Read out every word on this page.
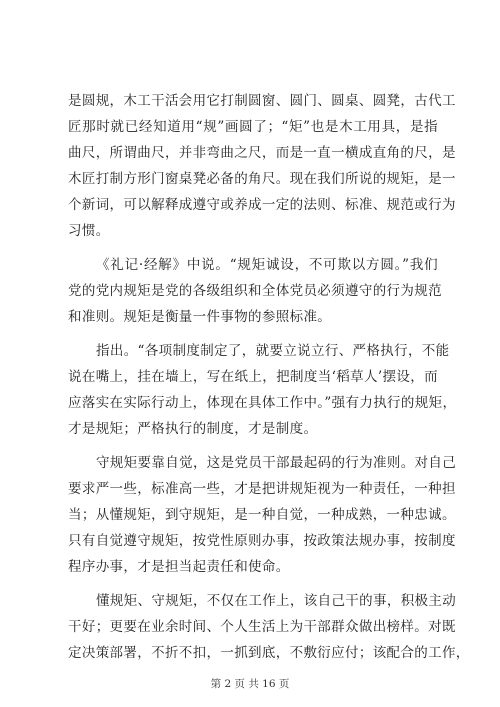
是圆规，木工干活会用它打制圆窗、圆门、圆桌、圆凳，古代工
匠那时就已经知道用“规”画圆了；“矩”也是木工用具，是指
曲尺，所谓曲尺，并非弯曲之尺，而是一直一横成直角的尺，是
木匠打制方形门窗桌凳必备的角尺。现在我们所说的规矩，是一
个新词，可以解释成遵守或养成一定的法则、标准、规范或行为
习惯。
《礼记·经解》中说。“规矩诚设，不可欺以方圆。”我们
党的党内规矩是党的各级组织和全体党员必须遵守的行为规范
和准则。规矩是衡量一件事物的参照标准。
指出。“各项制度制定了，就要立说立行、严格执行，不能
说在嘴上，挂在墙上，写在纸上，把制度当‘稻草人’摆设，而
应落实在实际行动上，体现在具体工作中。”强有力执行的规矩，
才是规矩；严格执行的制度，才是制度。
守规矩要靠自觉，这是党员干部最起码的行为准则。对自己
要求严一些，标准高一些，才是把讲规矩视为一种责任，一种担
当；从懂规矩，到守规矩，是一种自觉，一种成熟，一种忠诚。
只有自觉遵守规矩，按党性原则办事，按政策法规办事，按制度
程序办事，才是担当起责任和使命。
懂规矩、守规矩，不仅在工作上，该自己干的事，积极主动
干好；更要在业余时间、个人生活上为干部群众做出榜样。对既
定决策部署，不折不扣，一抓到底，不敷衍应付；该配合的工作，
第 2 页 共 16 页
